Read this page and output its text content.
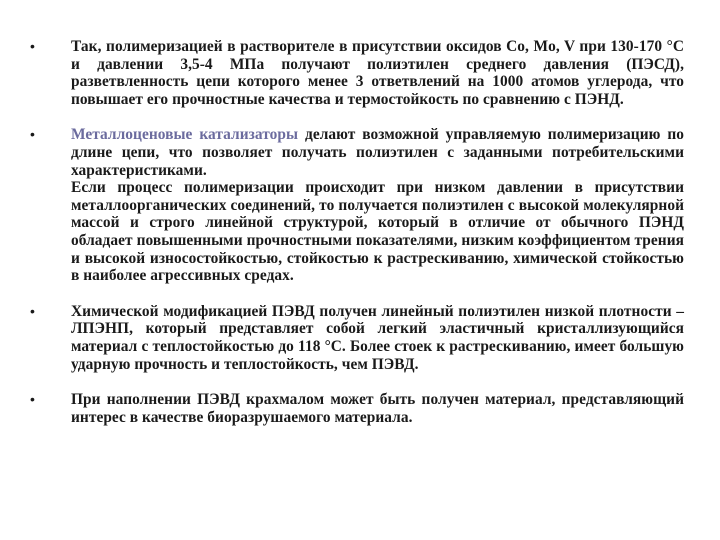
• Так, полимеризацией в растворителе в присутствии оксидов Co, Mo, V при 130-170 °С и давлении 3,5-4 МПа получают полиэтилен среднего давления (ПЭСД), разветвленность цепи которого менее 3 ответвлений на 1000 атомов углерода, что повышает его прочностные качества и термостойкость по сравнению с ПЭНД.
• Металлоценовые катализаторы делают возможной управляемую полимеризацию по длине цепи, что позволяет получать полиэтилен с заданными потребительскими характеристиками.
Если процесс полимеризации происходит при низком давлении в присутствии металлоорганических соединений, то получается полиэтилен с высокой молекулярной массой и строго линейной структурой, который в отличие от обычного ПЭНД обладает повышенными прочностными показателями, низким коэффициентом трения и высокой износостойкостью, стойкостью к растрескиванию, химической стойкостью в наиболее агрессивных средах.
• Химической модификацией ПЭВД получен линейный полиэтилен низкой плотности – ЛПЭНП, который представляет собой легкий эластичный кристаллизующийся материал с теплостойкостью до 118 °С. Более стоек к растрескиванию, имеет большую ударную прочность и теплостойкость, чем ПЭВД.
• При наполнении ПЭВД крахмалом может быть получен материал, представляющий интерес в качестве биоразрушаемого материала.
